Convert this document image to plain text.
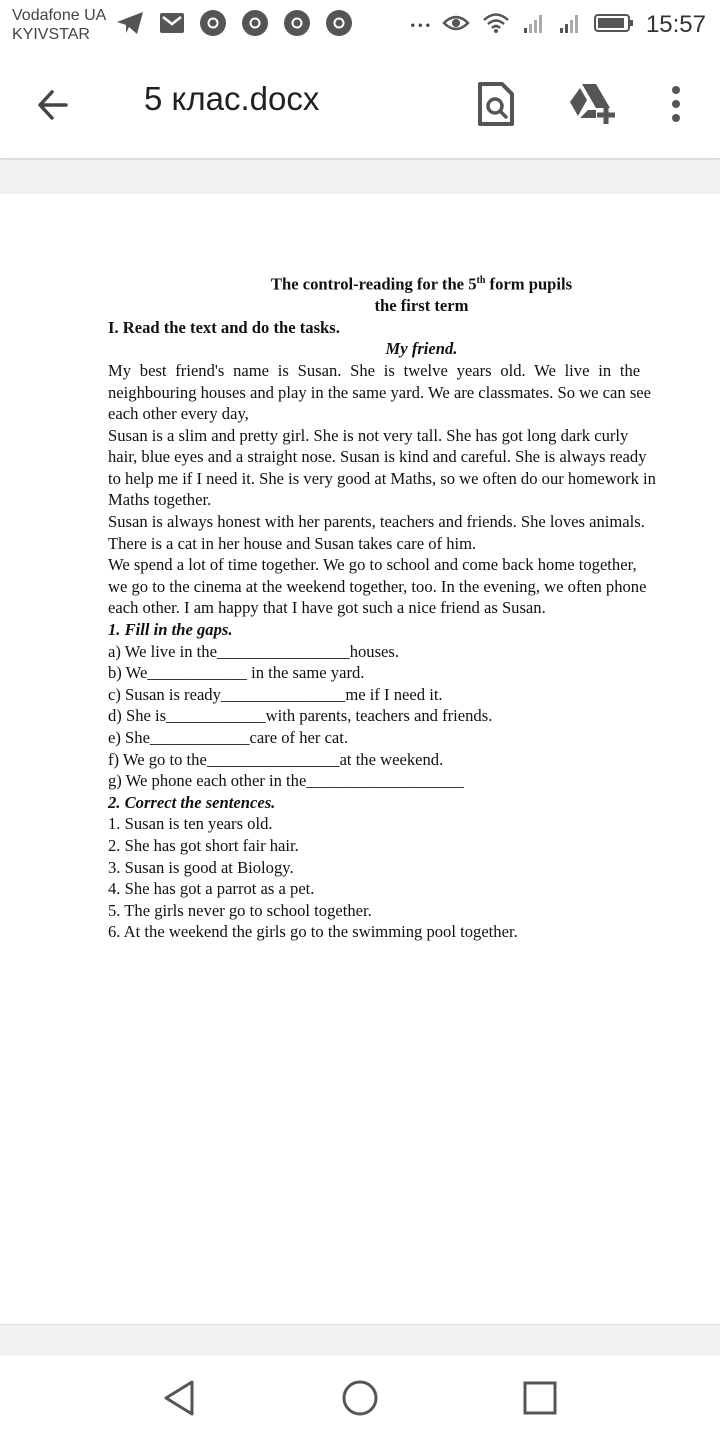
Vodafone UA
KYIVSTAR
• • •	15:57
5 клас.docx

The control-reading for the 5th form pupils

the first term

I. Read the text and do the tasks.

My friend.

My best friend's name is Susan. She is twelve years old. We live in the

neighbouring houses and play in the same yard. We are classmates. So we can see

each other every day,

Susan is a slim and pretty girl. She is not very tall. She has got long dark curly

hair, blue eyes and a straight nose. Susan is kind and careful. She is always ready

to help me if I need it. She is very good at Maths, so we often do our homework in

Maths together.

Susan is always honest with her parents, teachers and friends. She loves animals.

There is a cat in her house and Susan takes care of him.

We spend a lot of time together. We go to school and come back home together,

we go to the cinema at the weekend together, too. In the evening, we often phone

each other. I am happy that I have got such a nice friend as Susan.

1. Fill in the gaps.

a) We live in the________________houses.

b) We____________ in the same yard.

c) Susan is ready_______________me if I need it.

d) She is____________with parents, teachers and friends.

e) She____________care of her cat.

f) We go to the________________at the weekend.

g) We phone each other in the___________________

2. Correct the sentences.

1. Susan is ten years old.

2. She has got short fair hair.

3. Susan is good at Biology.

4. She has got a parrot as a pet.

5. The girls never go to school together.

6. At the weekend the girls go to the swimming pool together.
